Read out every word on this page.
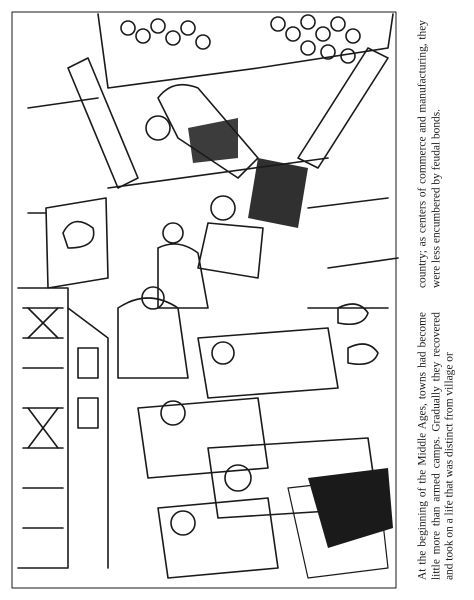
At the beginning of the Middle Ages, towns had become little more than armed camps. Gradually they recovered and took on a life that was distinct from village or

country; as centers of commerce and manufacturing, they were less encumbered by feudal bonds.
